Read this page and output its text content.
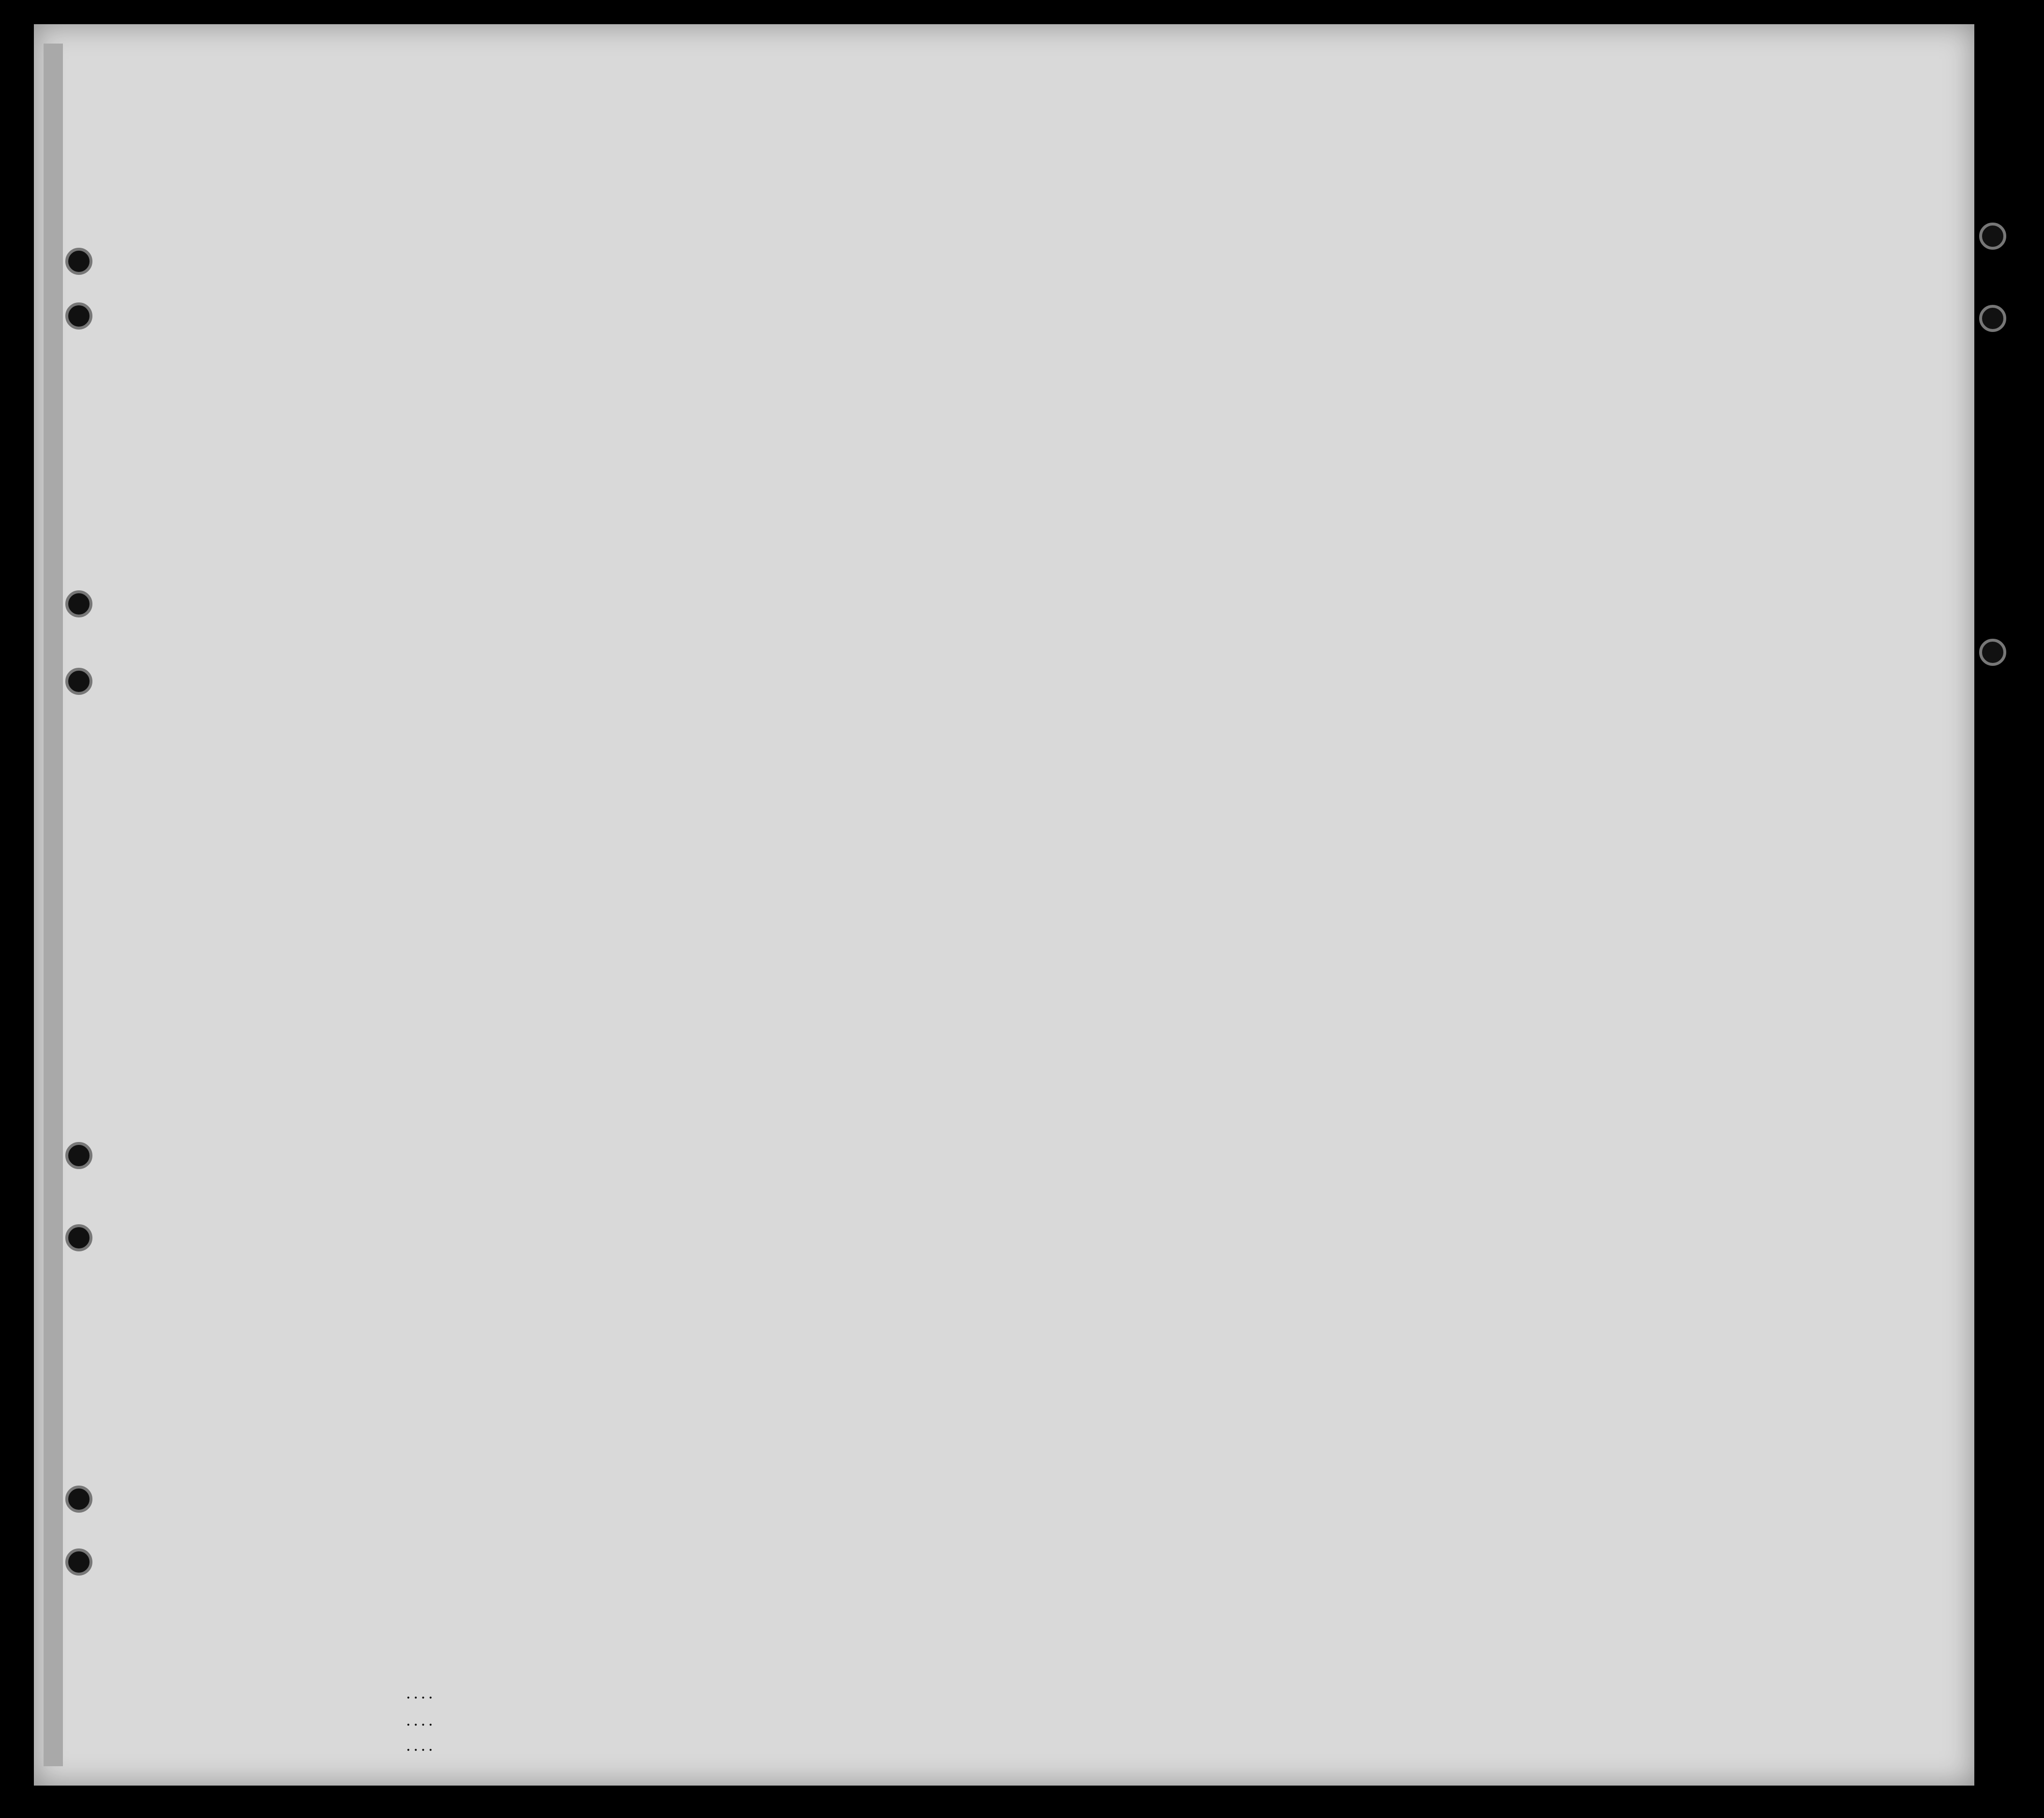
. . . .
. . . .
. . . .
